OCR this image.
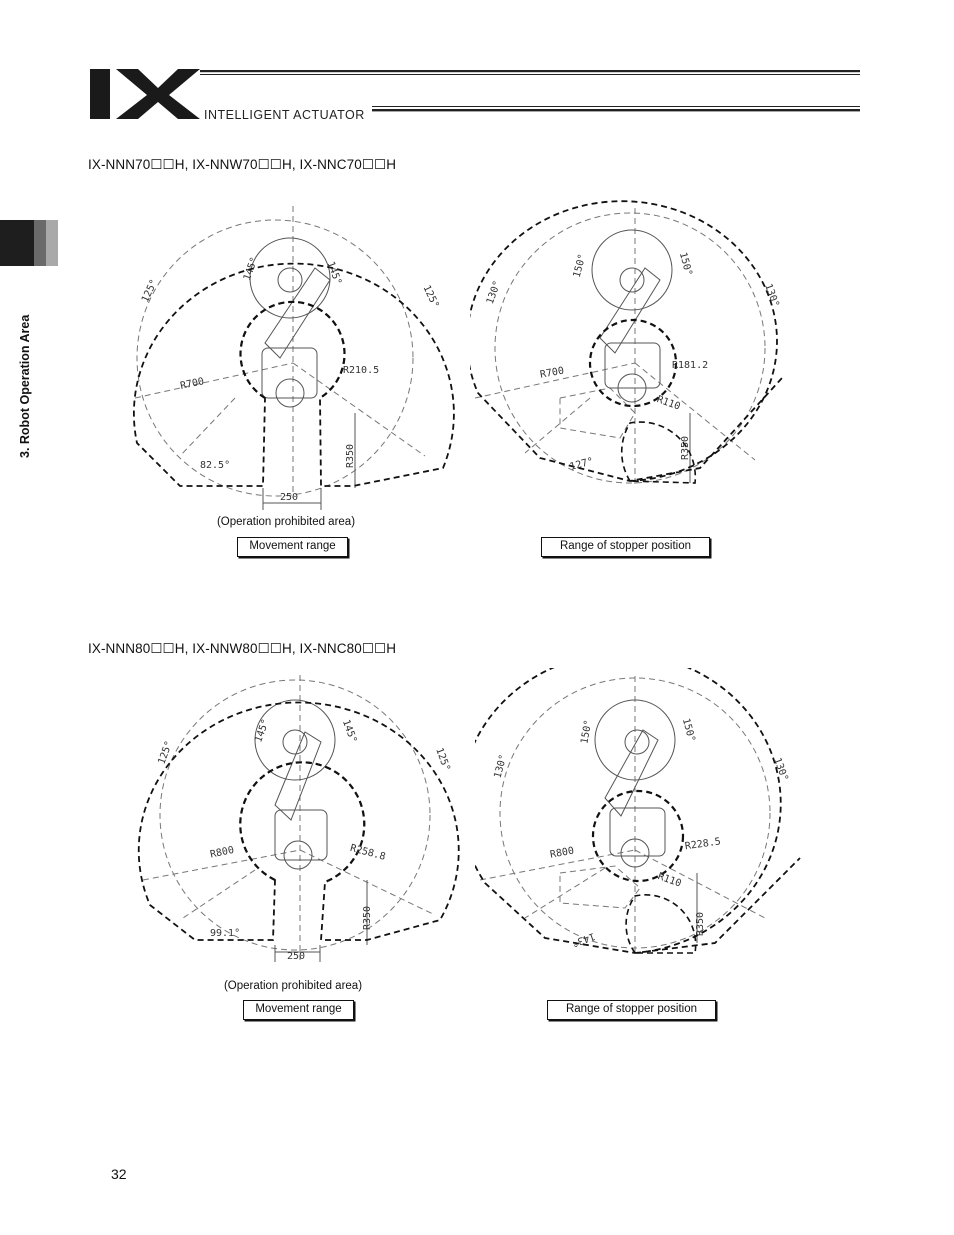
INTELLIGENT ACTUATOR
3. Robot Operation Area
IX-NNN70☐☐H, IX-NNW70☐☐H, IX-NNC70☐☐H
145°	145°
125°	125°
R700
R210.5
R350
82.5°
250
150°	150°
130°	130°
R700
R181.2
R110
R350
127°
(Operation prohibited area)
Movement range	Range of stopper position
IX-NNN80☐☐H, IX-NNW80☐☐H, IX-NNC80☐☐H
145°	145°
125°	125°
R800	R258.8
R350
99.1°
250
150°	150°
130°	130°
R800
R228.5
R110
R350
143°
(Operation prohibited area)
Movement range	Range of stopper position
32
